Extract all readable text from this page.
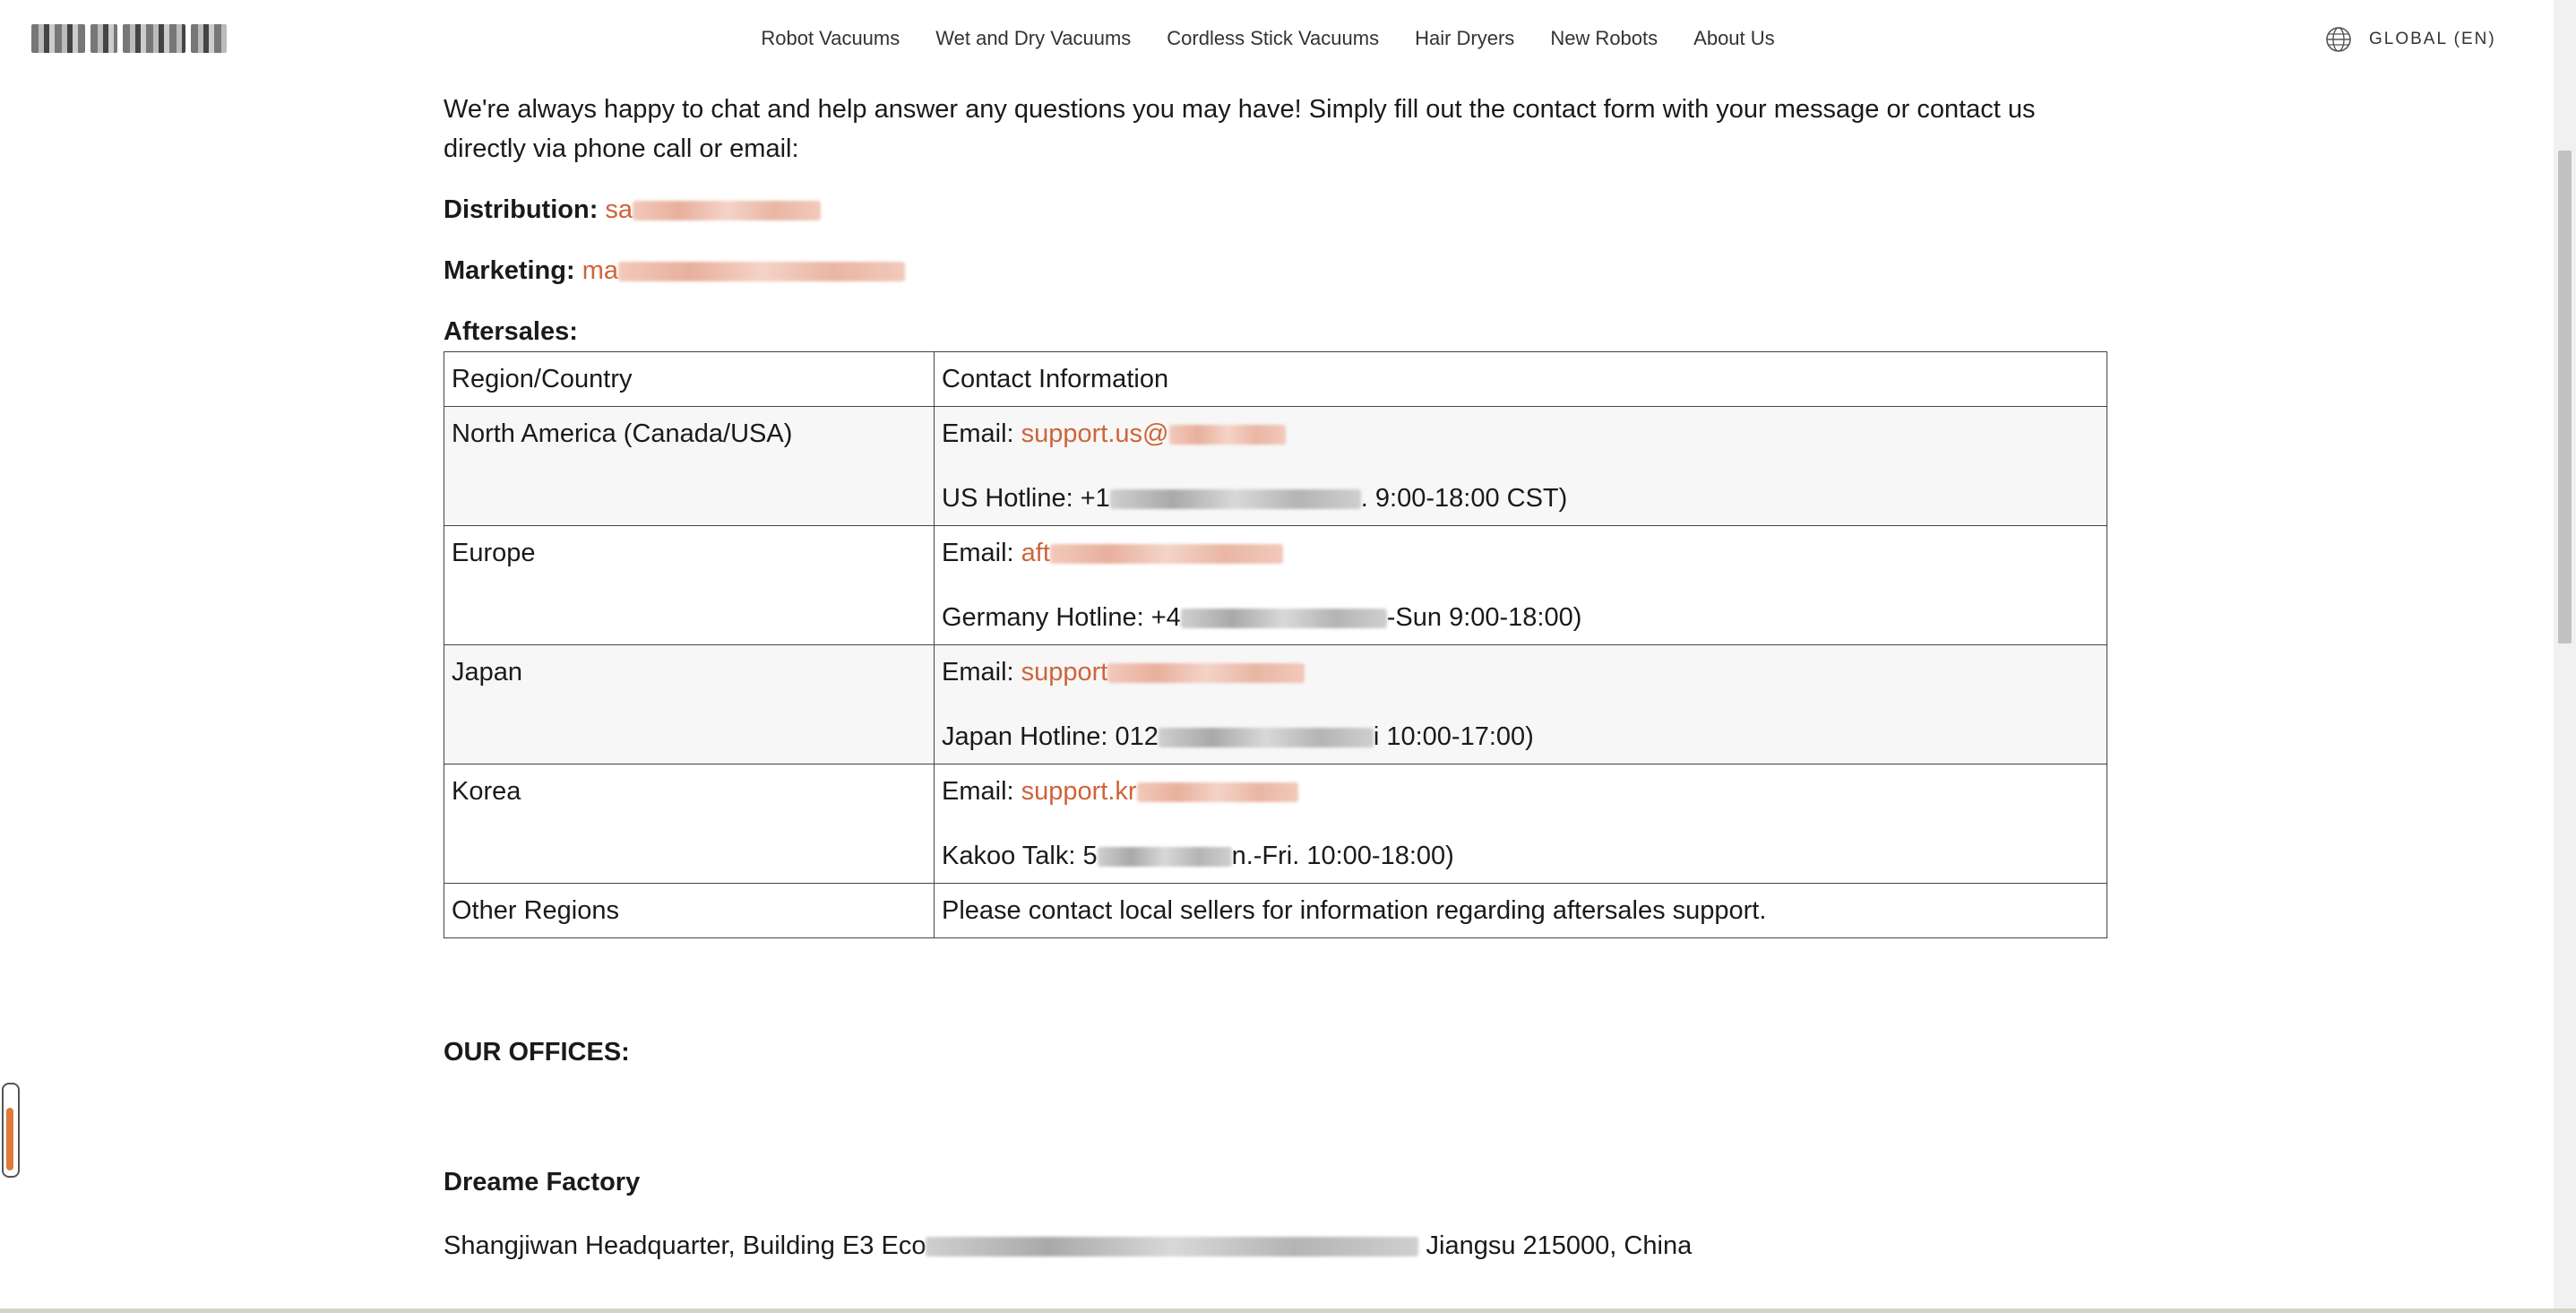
Robot Vacuums Wet and Dry Vacuums Cordless Stick Vacuums Hair Dryers New Robots About Us	GLOBAL (EN)

We're always happy to chat and help answer any questions you may have! Simply fill out the contact form with your message or contact us directly via phone call or email:

Distribution: sa
Marketing: ma
Aftersales:
Region/Country	Contact Information
North America (Canada/USA)	Email: support.us@
US Hotline: +1 . 9:00-18:00 CST)

Europe	Email: aft
Germany Hotline: +4 -Sun 9:00-18:00)

Japan	Email: support
Japan Hotline: 012 i 10:00-17:00)

Korea	Email: support.kr
Kakoo Talk: 5 n.-Fri. 10:00-18:00)

Other Regions	Please contact local sellers for information regarding aftersales support.
OUR OFFICES:
Dreame Factory
Shangjiwan Headquarter, Building E3 Eco	Jiangsu 215000, China
